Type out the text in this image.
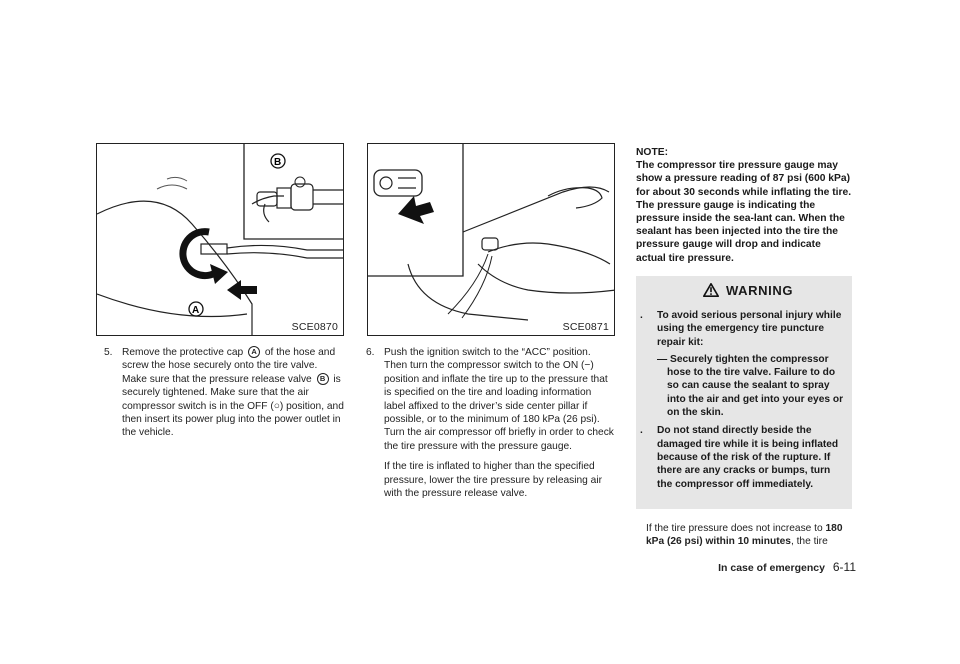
A
B
SCE0870	SCE0871
5. Remove the protective cap A of the hose and screw the hose securely onto the tire valve. Make sure that the pressure release valve B is securely tightened. Make sure that the air compressor switch is in the OFF (○) position, and then insert its power plug into the power outlet in the vehicle.
6. Push the ignition switch to the “ACC” position. Then turn the compressor switch to the ON (−) position and inflate the tire up to the pressure that is specified on the tire and loading information label affixed to the driver’s side center pillar if possible, or to the minimum of 180 kPa (26 psi). Turn the air compressor off briefly in order to check the tire pressure with the pressure gauge.

If the tire is inflated to higher than the specified pressure, lower the tire pressure by releasing air with the pressure release valve.

NOTE:
The compressor tire pressure gauge may show a pressure reading of 87 psi (600 kPa) for about 30 seconds while inflating the tire. The pressure gauge is indicating the pressure inside the sea-lant can. When the sealant has been injected into the tire the pressure gauge will drop and indicate actual tire pressure.
WARNING
. To avoid serious personal injury while using the emergency tire puncture repair kit:
— Securely tighten the compressor hose to the tire valve. Failure to do so can cause the sealant to spray into the air and get into your eyes or on the skin.
. Do not stand directly beside the damaged tire while it is being inflated because of the risk of the rupture. If there are any cracks or bumps, turn the compressor off immediately.
If the tire pressure does not increase to 180 kPa (26 psi) within 10 minutes, the tire
In case of emergency 6-11
